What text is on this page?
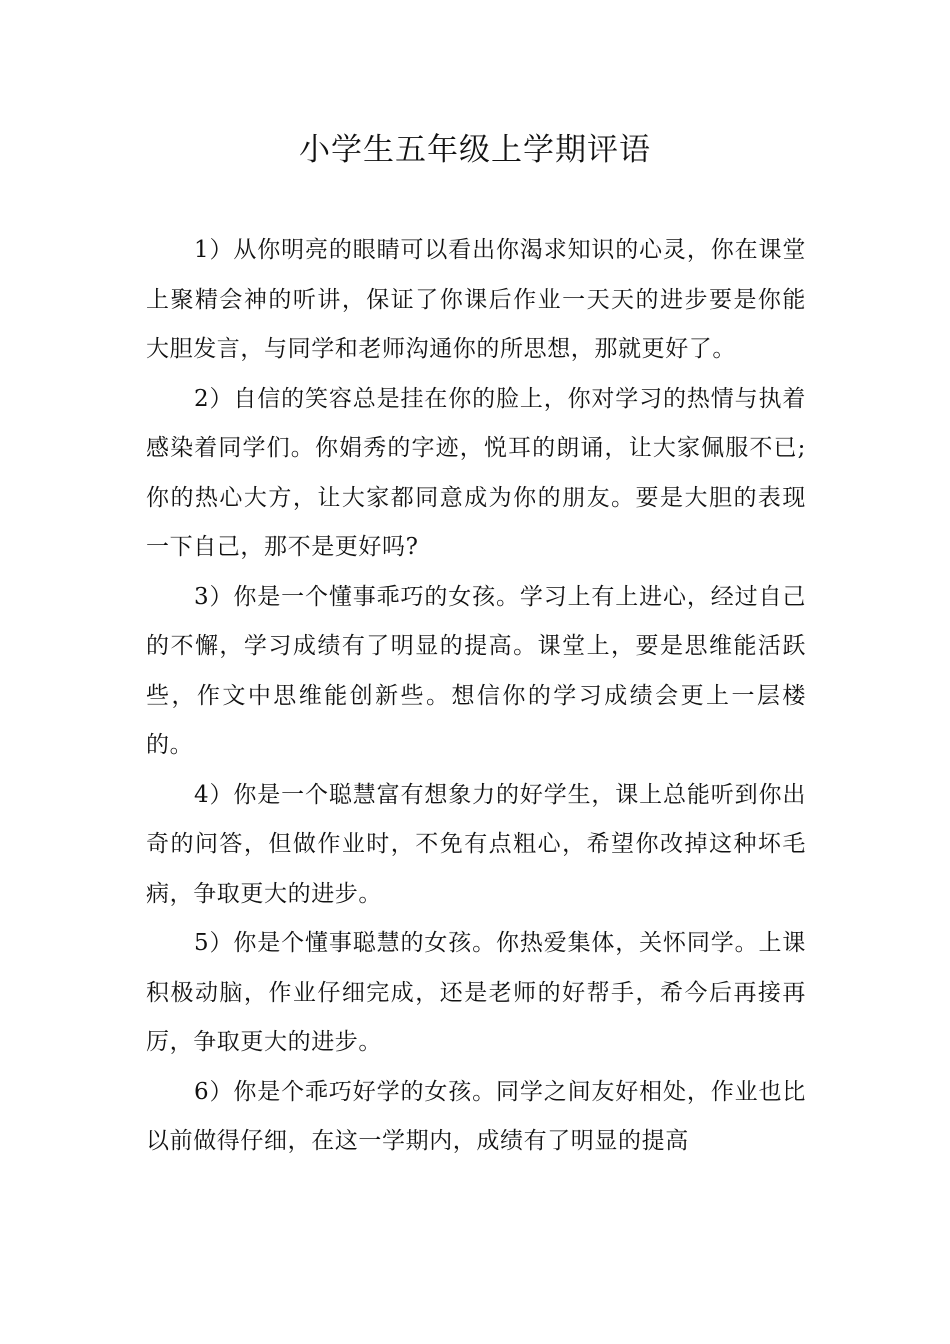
小学生五年级上学期评语

1）从你明亮的眼睛可以看出你渴求知识的心灵，你在课堂上聚精会神的听讲，保证了你课后作业一天天的进步要是你能大胆发言，与同学和老师沟通你的所思想，那就更好了。

2）自信的笑容总是挂在你的脸上，你对学习的热情与执着感染着同学们。你娟秀的字迹，悦耳的朗诵，让大家佩服不已;你的热心大方，让大家都同意成为你的朋友。要是大胆的表现一下自己，那不是更好吗?

3）你是一个懂事乖巧的女孩。学习上有上进心，经过自己的不懈，学习成绩有了明显的提高。课堂上，要是思维能活跃些，作文中思维能创新些。想信你的学习成绩会更上一层楼的。

4）你是一个聪慧富有想象力的好学生，课上总能听到你出奇的问答，但做作业时，不免有点粗心，希望你改掉这种坏毛病，争取更大的进步。

5）你是个懂事聪慧的女孩。你热爱集体，关怀同学。上课积极动脑，作业仔细完成，还是老师的好帮手，希今后再接再厉，争取更大的进步。

6）你是个乖巧好学的女孩。同学之间友好相处，作业也比以前做得仔细，在这一学期内，成绩有了明显的提高
